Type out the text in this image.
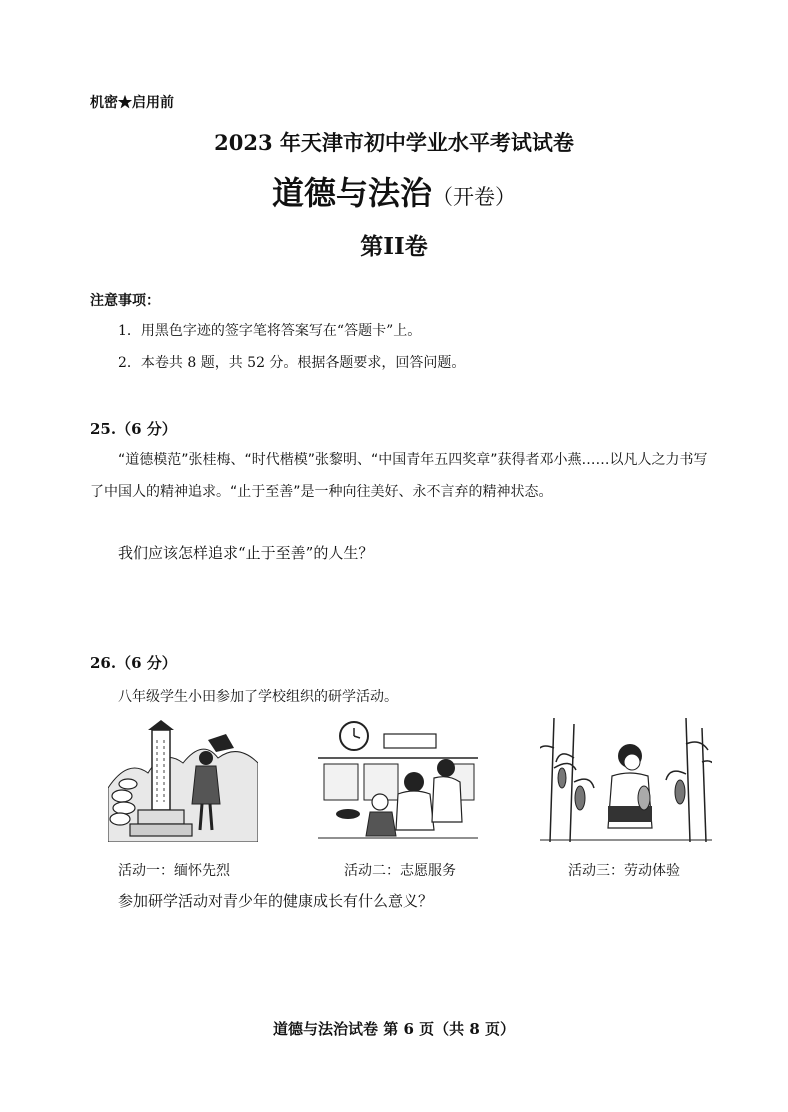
机密★启用前
2023 年天津市初中学业水平考试试卷
道德与法治（开卷）
第II卷
注意事项：
1．用黑色字迹的签字笔将答案写在“答题卡”上。
2．本卷共 8 题，共 52 分。根据各题要求，回答问题。
25.（6 分）
“道德模范”张桂梅、“时代楷模”张黎明、“中国青年五四奖章”获得者邓小燕……以凡人之力书写了中国人的精神追求。“止于至善”是一种向往美好、永不言弃的精神状态。
我们应该怎样追求“止于至善”的人生？
26.（6 分）
八年级学生小田参加了学校组织的研学活动。
活动一：缅怀先烈	活动二：志愿服务	活动三：劳动体验
参加研学活动对青少年的健康成长有什么意义？
道德与法治试卷 第 6 页（共 8 页）
